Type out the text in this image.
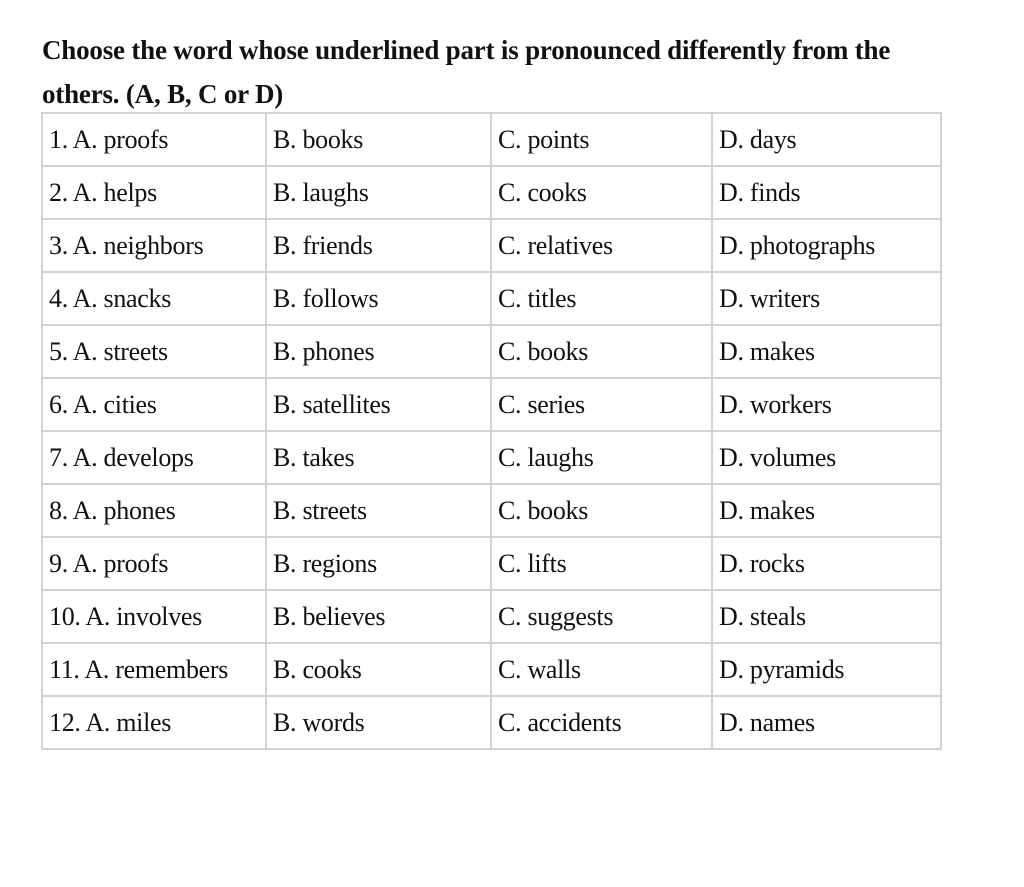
Choose the word whose underlined part is pronounced differently from the
others. (A, B, C or D)
1. A. proofs	B. books	C. points	D. days
2. A. helps	B. laughs	C. cooks	D. finds
3. A. neighbors	B. friends	C. relatives	D. photographs
4. A. snacks	B. follows	C. titles	D. writers
5. A. streets	B. phones	C. books	D. makes
6. A. cities	B. satellites	C. series	D. workers
7. A. develops	B. takes	C. laughs	D. volumes
8. A. phones	B. streets	C. books	D. makes
9. A. proofs	B. regions	C. lifts	D. rocks
10. A. involves	B. believes	C. suggests	D. steals
11. A. remembers	B. cooks	C. walls	D. pyramids
12. A. miles	B. words	C. accidents	D. names
